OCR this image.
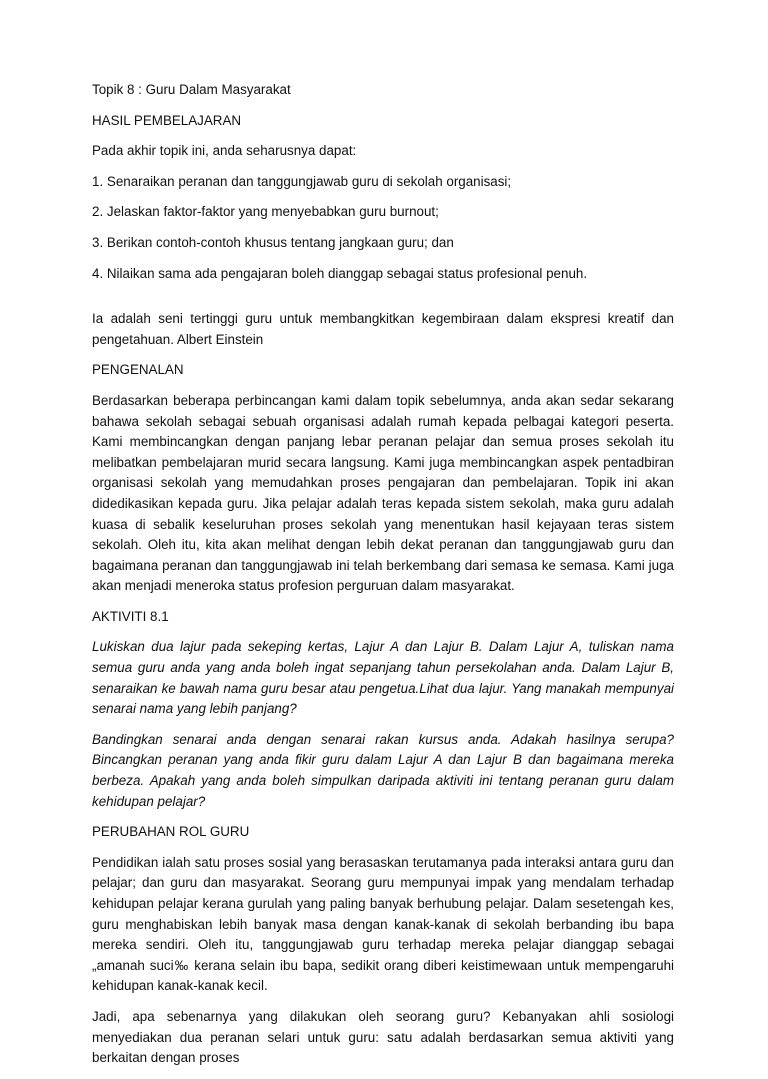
Topik 8 : Guru Dalam Masyarakat

HASIL PEMBELAJARAN

Pada akhir topik ini, anda seharusnya dapat:

1. Senaraikan peranan dan tanggungjawab guru di sekolah organisasi;

2. Jelaskan faktor-faktor yang menyebabkan guru burnout;

3. Berikan contoh-contoh khusus tentang jangkaan guru; dan

4. Nilaikan sama ada pengajaran boleh dianggap sebagai status profesional penuh.

Ia adalah seni tertinggi guru untuk membangkitkan kegembiraan dalam ekspresi kreatif dan pengetahuan. Albert Einstein

PENGENALAN

Berdasarkan beberapa perbincangan kami dalam topik sebelumnya, anda akan sedar sekarang bahawa sekolah sebagai sebuah organisasi adalah rumah kepada pelbagai kategori peserta. Kami membincangkan dengan panjang lebar peranan pelajar dan semua proses sekolah itu melibatkan pembelajaran murid secara langsung. Kami juga membincangkan aspek pentadbiran organisasi sekolah yang memudahkan proses pengajaran dan pembelajaran. Topik ini akan didedikasikan kepada guru. Jika pelajar adalah teras kepada sistem sekolah, maka guru adalah kuasa di sebalik keseluruhan proses sekolah yang menentukan hasil kejayaan teras sistem sekolah. Oleh itu, kita akan melihat dengan lebih dekat peranan dan tanggungjawab guru dan bagaimana peranan dan tanggungjawab ini telah berkembang dari semasa ke semasa. Kami juga akan menjadi meneroka status profesion perguruan dalam masyarakat.

AKTIVITI 8.1

Lukiskan dua lajur pada sekeping kertas, Lajur A dan Lajur B. Dalam Lajur A, tuliskan nama semua guru anda yang anda boleh ingat sepanjang tahun persekolahan anda. Dalam Lajur B, senaraikan ke bawah nama guru besar atau pengetua.Lihat dua lajur. Yang manakah mempunyai senarai nama yang lebih panjang?

Bandingkan senarai anda dengan senarai rakan kursus anda. Adakah hasilnya serupa? Bincangkan peranan yang anda fikir guru dalam Lajur A dan Lajur B dan bagaimana mereka berbeza. Apakah yang anda boleh simpulkan daripada aktiviti ini tentang peranan guru dalam kehidupan pelajar?

PERUBAHAN ROL GURU

Pendidikan ialah satu proses sosial yang berasaskan terutamanya pada interaksi antara guru dan pelajar; dan guru dan masyarakat. Seorang guru mempunyai impak yang mendalam terhadap kehidupan pelajar kerana gurulah yang paling banyak berhubung pelajar. Dalam sesetengah kes, guru menghabiskan lebih banyak masa dengan kanak-kanak di sekolah berbanding ibu bapa mereka sendiri. Oleh itu, tanggungjawab guru terhadap mereka pelajar dianggap sebagai „amanah suci‰ kerana selain ibu bapa, sedikit orang diberi keistimewaan untuk mempengaruhi kehidupan kanak-kanak kecil.

Jadi, apa sebenarnya yang dilakukan oleh seorang guru? Kebanyakan ahli sosiologi menyediakan dua peranan selari untuk guru: satu adalah berdasarkan semua aktiviti yang berkaitan dengan proses
